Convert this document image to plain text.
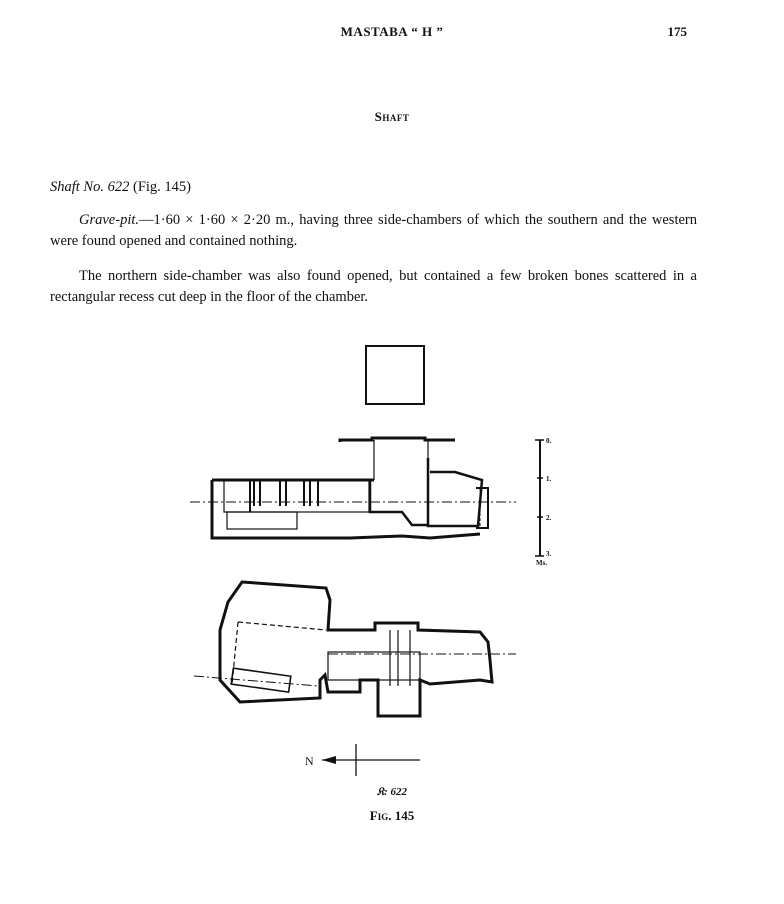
MASTABA “ H ”	175
Shaft
Shaft No. 622 (Fig. 145)

Grave-pit.—1·60 × 1·60 × 2·20 m., having three side-chambers of which the southern and the western were found opened and contained nothing.

The northern side-chamber was also found opened, but contained a few broken bones scattered in a rectangular recess cut deep in the floor of the chamber.

0.
1.
2.
3.
Ms.
N
𝔎: 622
Fig. 145
